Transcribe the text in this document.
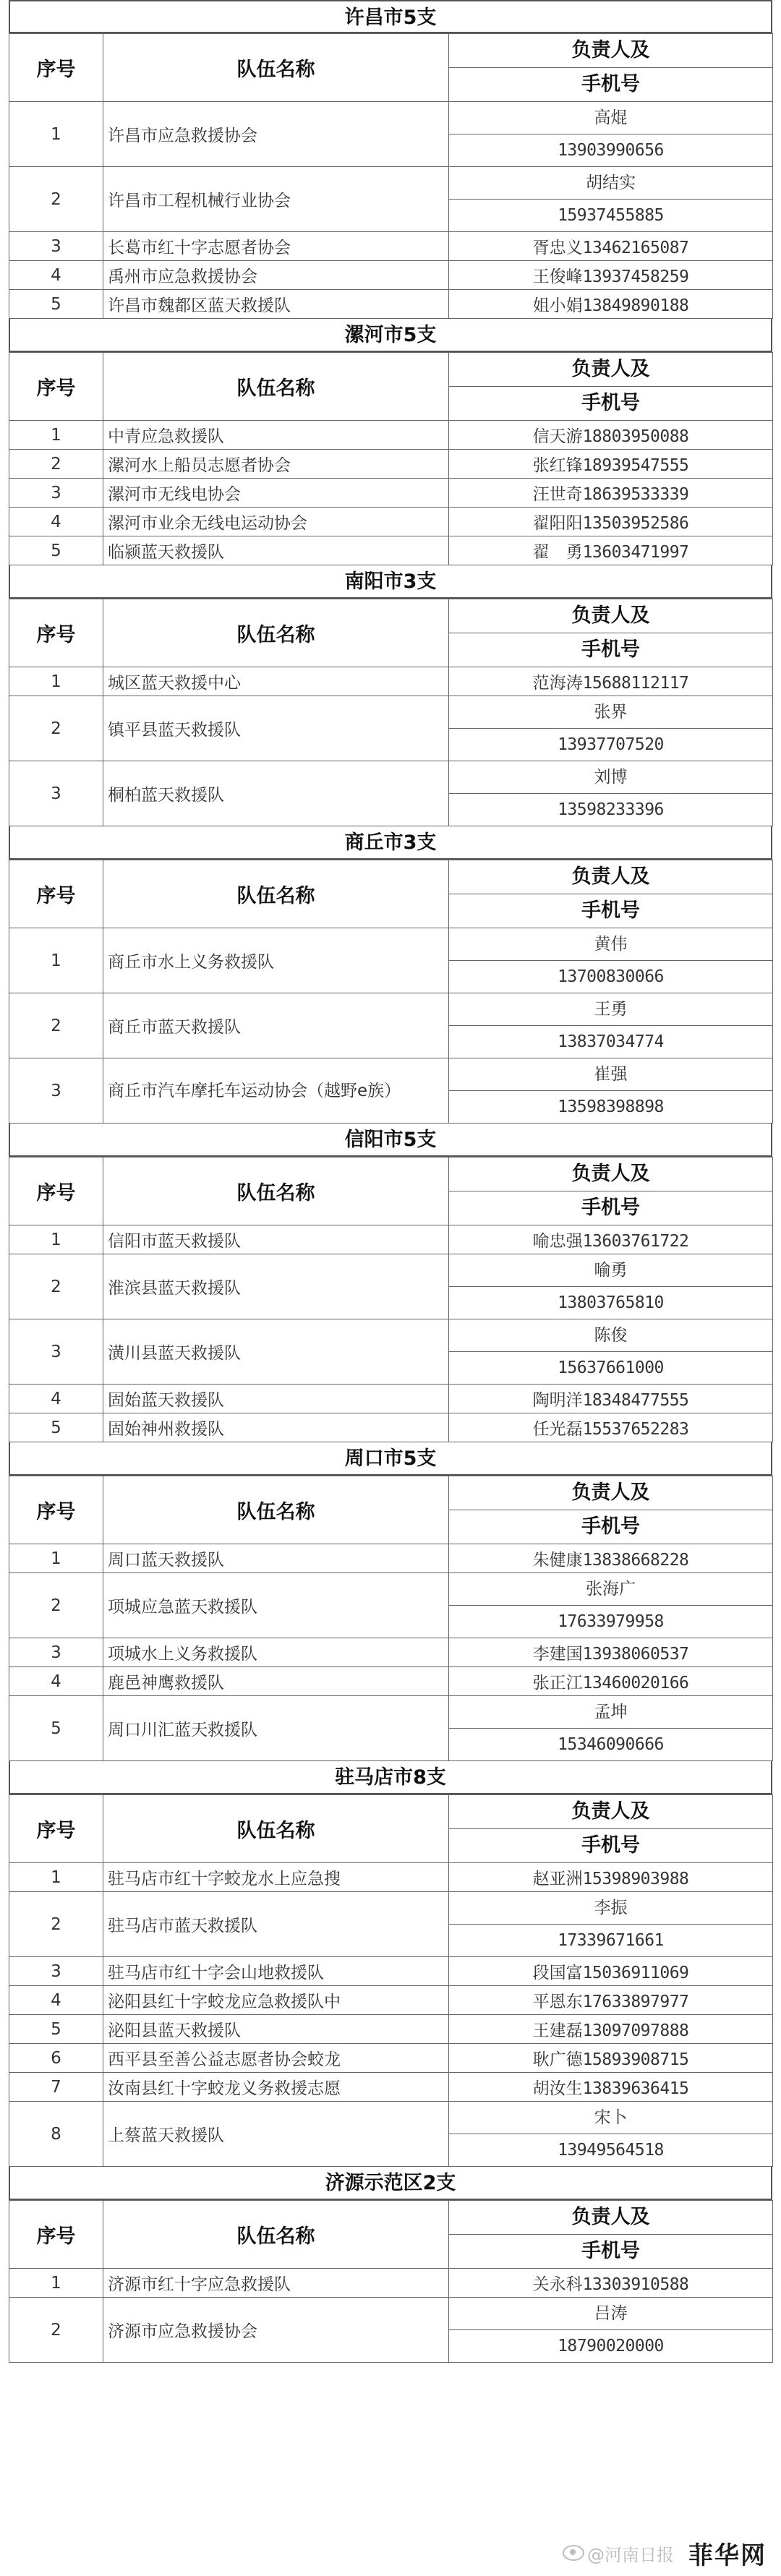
许昌市5支
序号	队伍名称	负责人及
手机号

1	许昌市应急救援协会	高焜
13903990656

2	许昌市工程机械行业协会	胡结实
15937455885

3	长葛市红十字志愿者协会	胥忠义13462165087
4	禹州市应急救援协会	王俊峰13937458259
5	许昌市魏都区蓝天救援队	姐小娟13849890188
漯河市5支
序号	队伍名称	负责人及
手机号

1	中青应急救援队	信天游18803950088
2	漯河水上船员志愿者协会	张红锋18939547555
3	漯河市无线电协会	汪世奇18639533339
4	漯河市业余无线电运动协会	翟阳阳13503952586
5	临颍蓝天救援队	翟　勇13603471997
南阳市3支
序号	队伍名称	负责人及
手机号

1	城区蓝天救援中心	范海涛15688112117
2	镇平县蓝天救援队	张界
13937707520

3	桐柏蓝天救援队	刘博
13598233396
商丘市3支
序号	队伍名称	负责人及
手机号

1	商丘市水上义务救援队	黄伟
13700830066

2	商丘市蓝天救援队	王勇
13837034774

3	商丘市汽车摩托车运动协会（越野e族）	崔强
13598398898
信阳市5支
序号	队伍名称	负责人及
手机号

1	信阳市蓝天救援队	喻忠强13603761722
2	淮滨县蓝天救援队	喻勇
13803765810

3	潢川县蓝天救援队	陈俊
15637661000

4	固始蓝天救援队	陶明洋18348477555
5	固始神州救援队	任光磊15537652283
周口市5支
序号	队伍名称	负责人及
手机号

1	周口蓝天救援队	朱健康13838668228
2	项城应急蓝天救援队	张海广
17633979958

3	项城水上义务救援队	李建国13938060537
4	鹿邑神鹰救援队	张正江13460020166
5	周口川汇蓝天救援队	孟坤
15346090666
驻马店市8支
序号	队伍名称	负责人及
手机号

1	驻马店市红十字蛟龙水上应急搜	赵亚洲15398903988
2	驻马店市蓝天救援队	李振
17339671661

3	驻马店市红十字会山地救援队	段国富15036911069
4	泌阳县红十字蛟龙应急救援队中	平恩东17633897977
5	泌阳县蓝天救援队	王建磊13097097888
6	西平县至善公益志愿者协会蛟龙	耿广德15893908715
7	汝南县红十字蛟龙义务救援志愿	胡汝生13839636415
8	上蔡蓝天救援队	宋卜
13949564518
济源示范区2支
序号	队伍名称	负责人及
手机号

1	济源市红十字应急救援队	关永科13303910588
2	济源市应急救援协会	吕涛
18790020000
@河南日报 菲华网
